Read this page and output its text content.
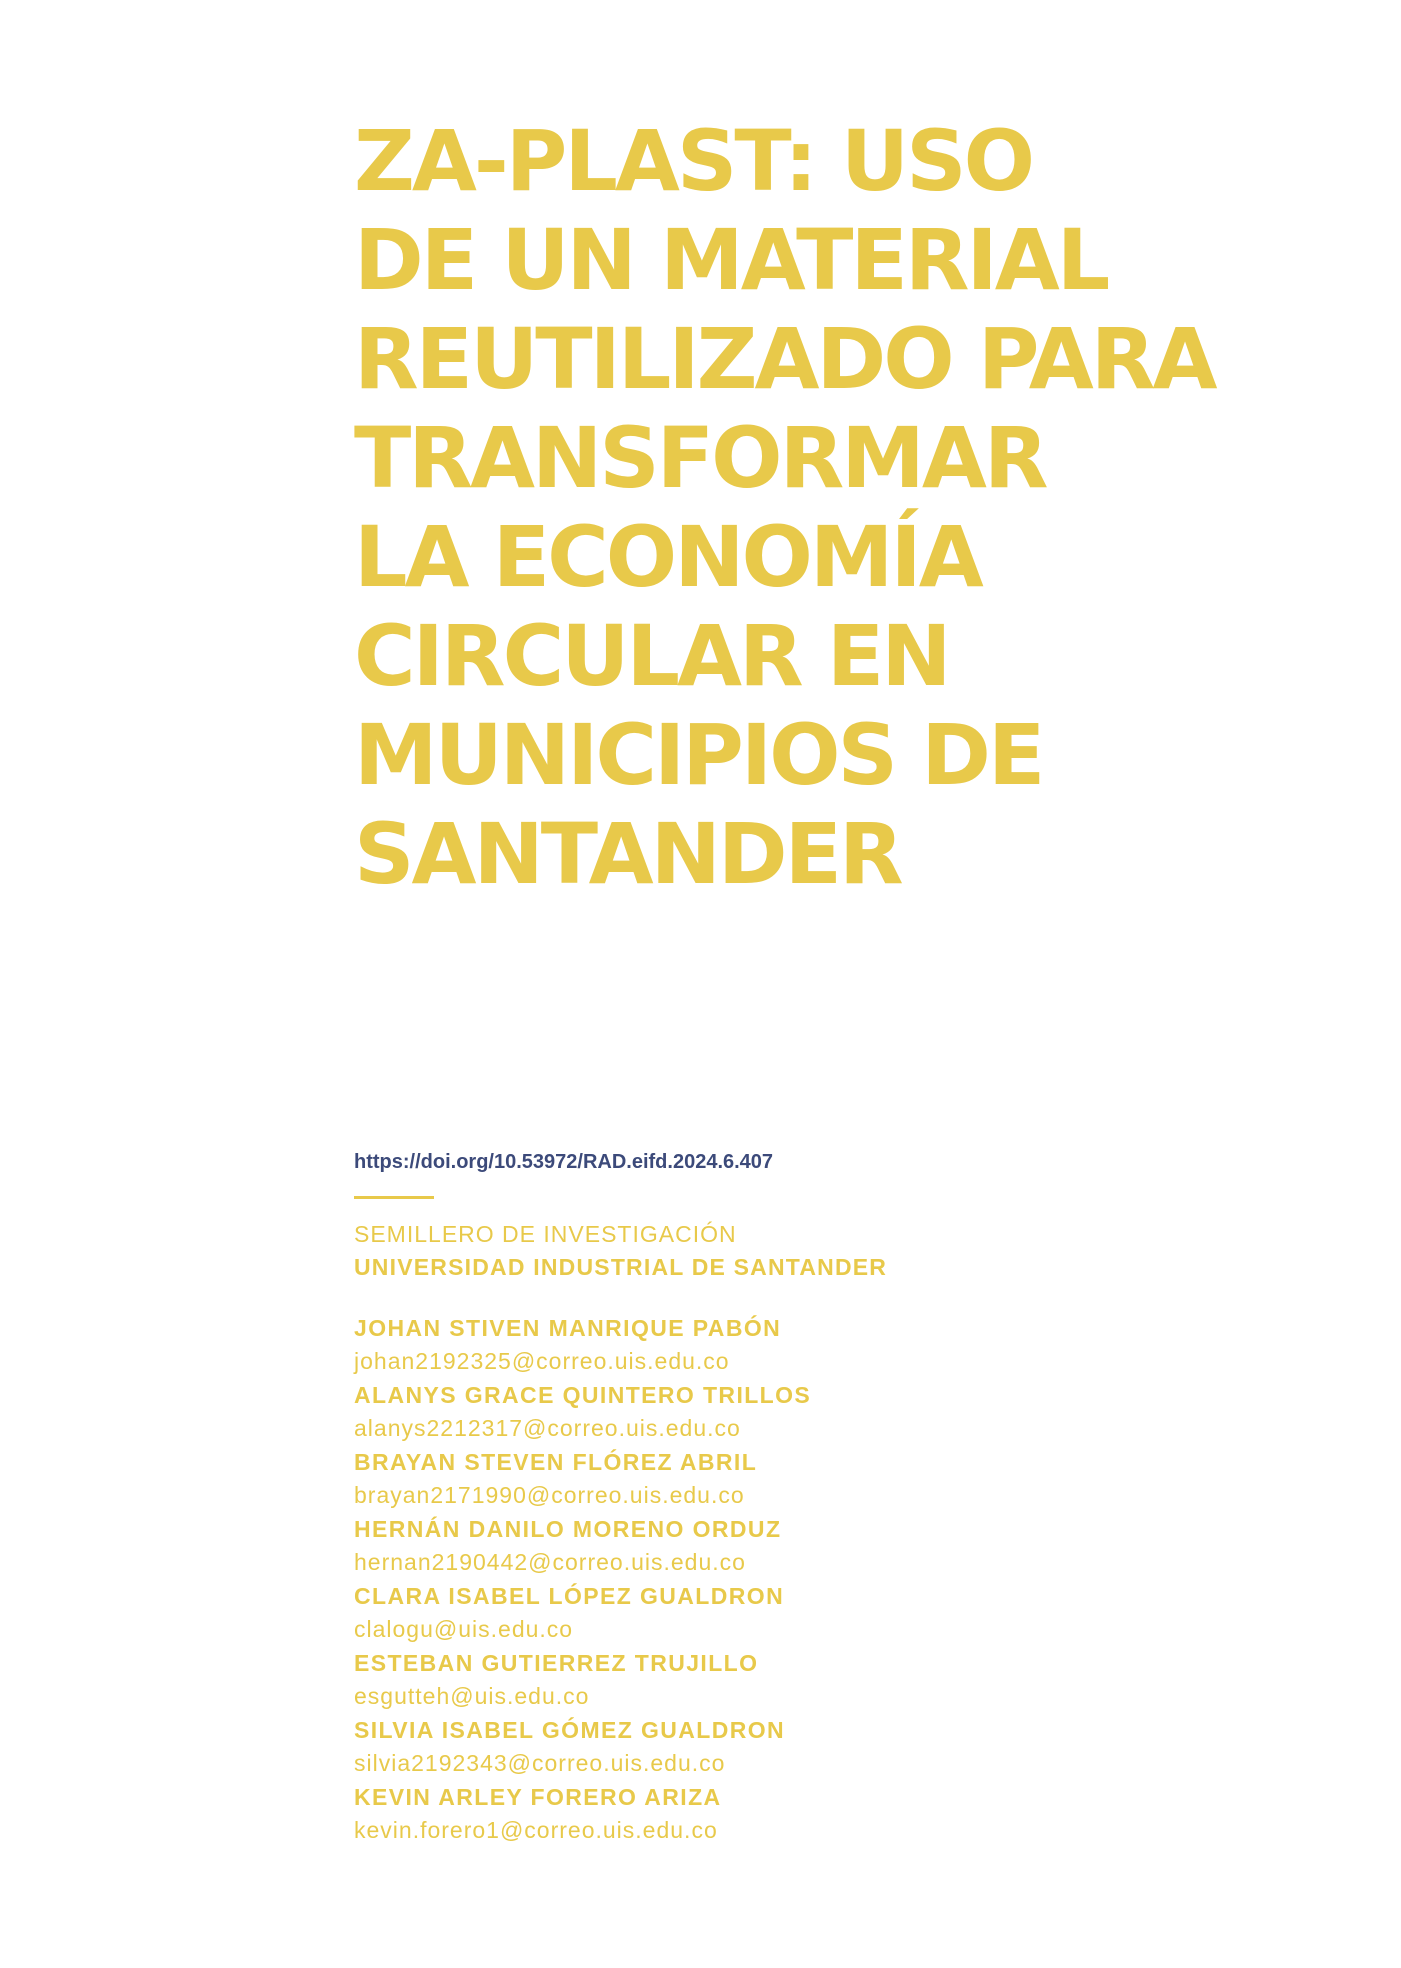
ZA-PLAST: USO
DE UN MATERIAL
REUTILIZADO PARA
TRANSFORMAR
LA ECONOMÍA
CIRCULAR EN
MUNICIPIOS DE
SANTANDER
https://doi.org/10.53972/RAD.eifd.2024.6.407
SEMILLERO DE INVESTIGACIÓN
UNIVERSIDAD INDUSTRIAL DE SANTANDER
JOHAN STIVEN MANRIQUE PABÓN
johan2192325@correo.uis.edu.co
ALANYS GRACE QUINTERO TRILLOS
alanys2212317@correo.uis.edu.co
BRAYAN STEVEN FLÓREZ ABRIL
brayan2171990@correo.uis.edu.co
HERNÁN DANILO MORENO ORDUZ
hernan2190442@correo.uis.edu.co
CLARA ISABEL LÓPEZ GUALDRON
clalogu@uis.edu.co
ESTEBAN GUTIERREZ TRUJILLO
esgutteh@uis.edu.co
SILVIA ISABEL GÓMEZ GUALDRON
silvia2192343@correo.uis.edu.co
KEVIN ARLEY FORERO ARIZA
kevin.forero1@correo.uis.edu.co
